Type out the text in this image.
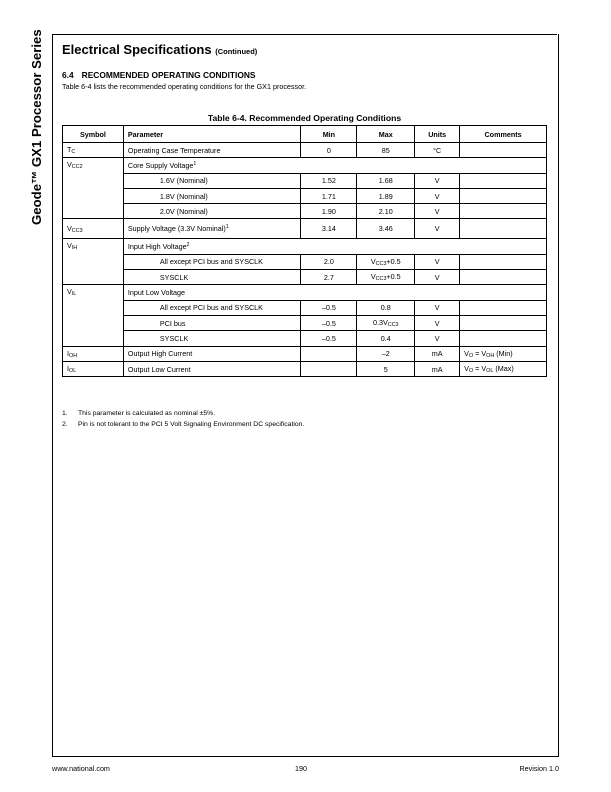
Geode™ GX1 Processor Series Electrical Specifications (Continued)
6.4 RECOMMENDED OPERATING CONDITIONS
Table 6-4 lists the recommended operating conditions for the GX1 processor.
Table 6-4. Recommended Operating Conditions
Symbol	Parameter	Min	Max	Units	Comments
$T_C$	Operating Case Temperature	0	85	°C	
$V_{CC2}$	Core Supply Voltage$^1$
	1.6V (Nominal)	1.52	1.68	V	
	1.8V (Nominal)	1.71	1.89	V	
	2.0V (Nominal)	1.90	2.10	V	
$V_{CC3}$	Supply Voltage (3.3V Nominal)$^1$	3.14	3.46	V	
$V_{IH}$	Input High Voltage$^2$
	All except PCI bus and SYSCLK	2.0	$V_{CC3}+0.5$	V	
	SYSCLK	2.7	$V_{CC3}+0.5$	V	
$V_{IL}$	Input Low Voltage				
	All except PCI bus and SYSCLK	–0.5	0.8	V	
	PCI bus	–0.5	$0.3V_{CC3}$	V	
	SYSCLK	–0.5	0.4	V	
$I_{OH}$	Output High Current		–2	mA	$V_O = V_{OH}$ (Min)
$I_{OL}$	Output Low Current		5	mA	$V_O = V_{OL}$ (Max)
1. This parameter is calculated as nominal ±5%.
2. Pin is not tolerant to the PCI 5 Volt Signaling Environment DC specification.
www.national.com	190	Revision 1.0
